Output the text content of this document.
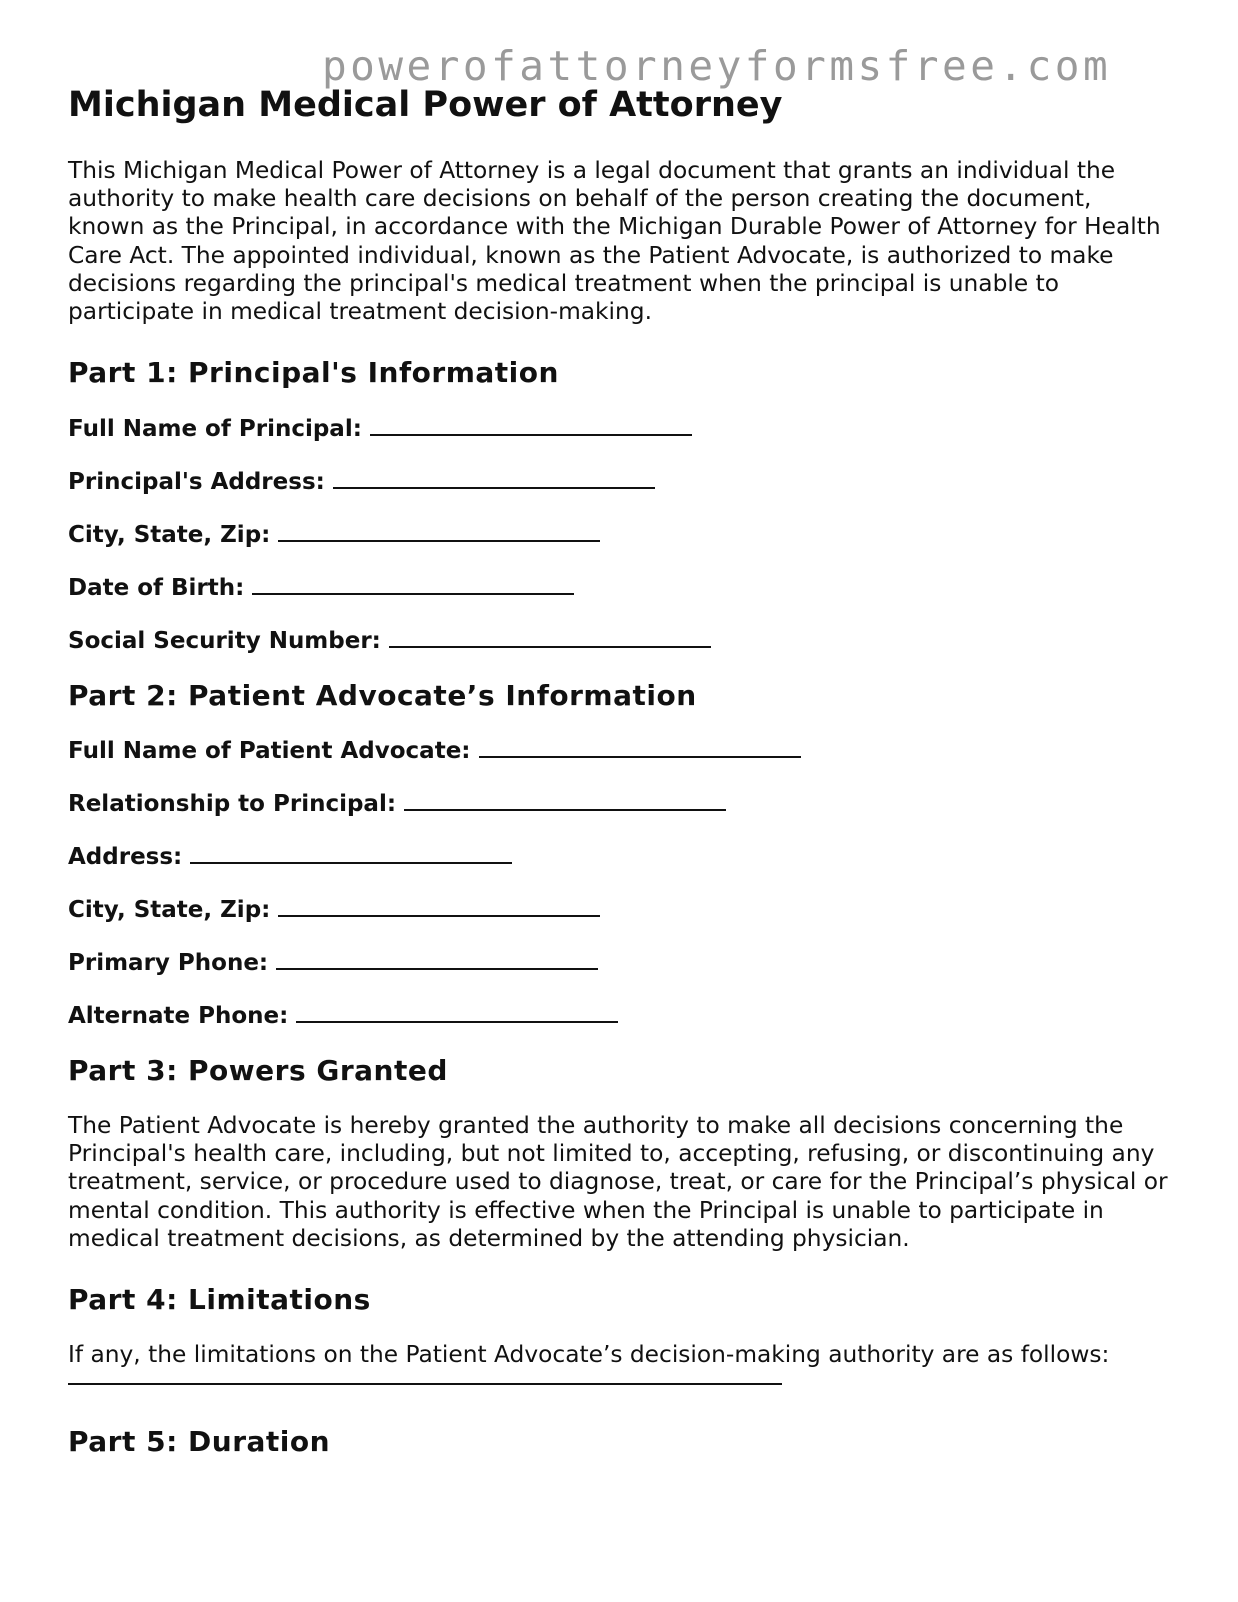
powerofattorneyformsfree.com
Michigan Medical Power of Attorney

This Michigan Medical Power of Attorney is a legal document that grants an individual the authority to make health care decisions on behalf of the person creating the document, known as the Principal, in accordance with the Michigan Durable Power of Attorney for Health Care Act. The appointed individual, known as the Patient Advocate, is authorized to make decisions regarding the principal's medical treatment when the principal is unable to participate in medical treatment decision-making.

Part 1: Principal's Information
Full Name of Principal:
Principal's Address:
City, State, Zip:
Date of Birth:
Social Security Number:
Part 2: Patient Advocate’s Information
Full Name of Patient Advocate:
Relationship to Principal:
Address:
City, State, Zip:
Primary Phone:
Alternate Phone:
Part 3: Powers Granted

The Patient Advocate is hereby granted the authority to make all decisions concerning the Principal's health care, including, but not limited to, accepting, refusing, or discontinuing any treatment, service, or procedure used to diagnose, treat, or care for the Principal’s physical or mental condition. This authority is effective when the Principal is unable to participate in medical treatment decisions, as determined by the attending physician.

Part 4: Limitations

If any, the limitations on the Patient Advocate’s decision-making authority are as follows:

Part 5: Duration
